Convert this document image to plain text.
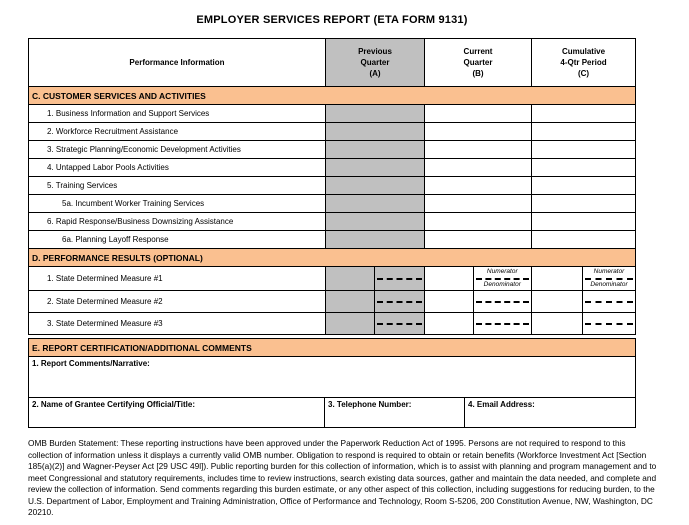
EMPLOYER SERVICES REPORT (ETA FORM 9131)
Performance Information
Previous
Quarter
(A)
Current
Quarter
(B)
Cumulative
4-Qtr Period
(C)
C. CUSTOMER SERVICES AND ACTIVITIES
1. Business Information and Support Services
2. Workforce Recruitment Assistance
3. Strategic Planning/Economic Development Activities
4. Untapped Labor Pools Activities
5. Training Services
5a. Incumbent Worker Training Services
6. Rapid Response/Business Downsizing Assistance
6a. Planning Layoff Response
D. PERFORMANCE RESULTS (OPTIONAL)
1. State Determined Measure #1
Numerator
Denominator
Numerator
Denominator
2. State Determined Measure #2
3. State Determined Measure #3
E. REPORT CERTIFICATION/ADDITIONAL COMMENTS
1. Report Comments/Narrative:
2. Name of Grantee Certifying Official/Title:	3. Telephone Number:	4. Email Address:
OMB Burden Statement: These reporting instructions have been approved under the Paperwork Reduction Act of 1995. Persons are not required to respond to this collection of information unless it displays a currently valid OMB number. Obligation to respond is required to obtain or retain benefits (Workforce Investment Act [Section 185(a)(2)] and Wagner-Peyser Act [29 USC 49l]). Public reporting burden for this collection of information, which is to assist with planning and program management and to meet Congressional and statutory requirements, includes time to review instructions, search existing data sources, gather and maintain the data needed, and complete and review the collection of information. Send comments regarding this burden estimate, or any other aspect of this collection, including suggestions for reducing burden, to the U.S. Department of Labor, Employment and Training Administration, Office of Performance and Technology, Room S-5206, 200 Constitution Avenue, NW, Washington, DC 20210.
